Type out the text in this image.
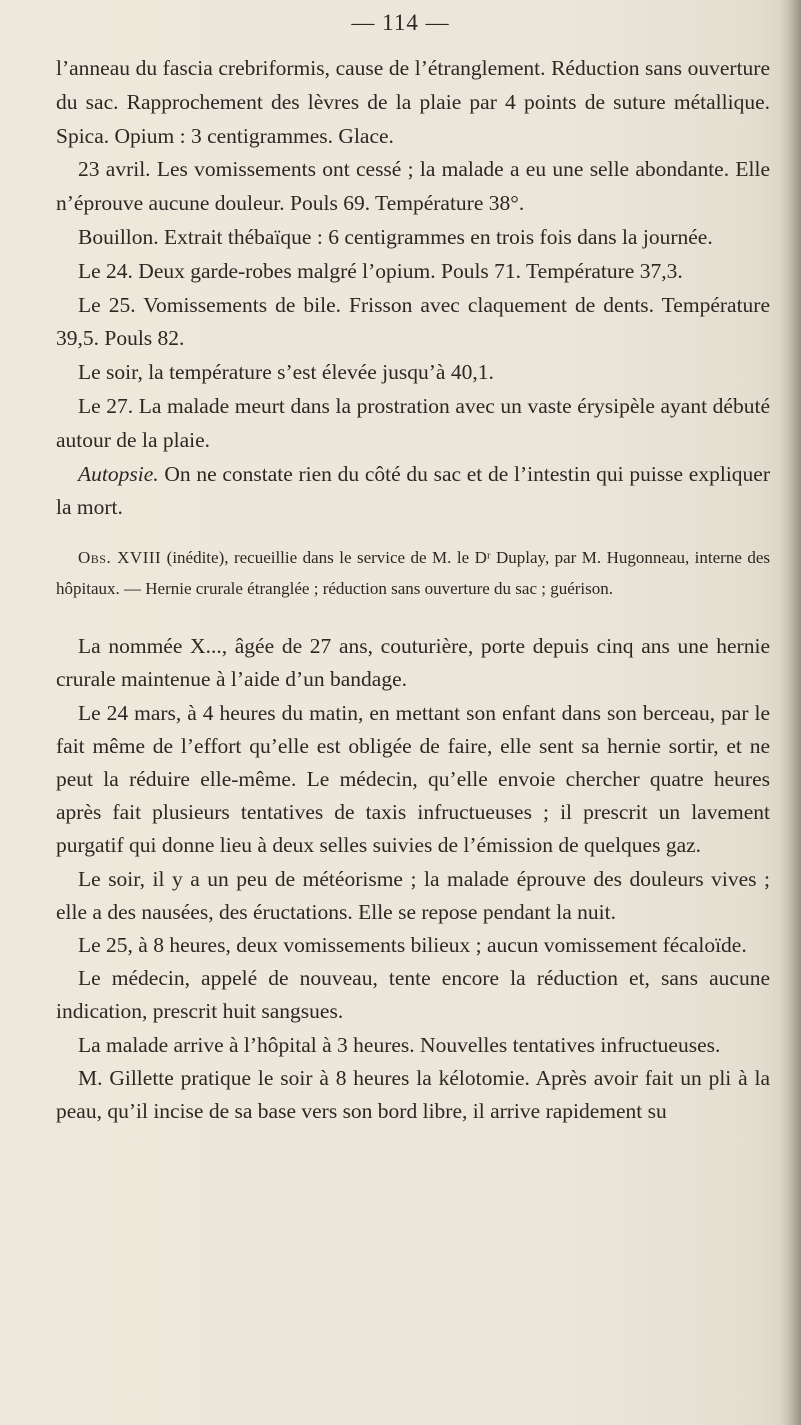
— 114 —

l’anneau du fascia crebriformis, cause de l’étranglement. Réduction sans ouverture du sac. Rapprochement des lèvres de la plaie par 4 points de suture métallique. Spica. Opium : 3 centigrammes. Glace.

23 avril. Les vomissements ont cessé ; la malade a eu une selle abondante. Elle n’éprouve aucune douleur. Pouls 69. Température 38°.

Bouillon. Extrait thébaïque : 6 centigrammes en trois fois dans la journée.

Le 24. Deux garde-robes malgré l’opium. Pouls 71. Température 37,3.

Le 25. Vomissements de bile. Frisson avec claquement de dents. Température 39,5. Pouls 82.

Le soir, la température s’est élevée jusqu’à 40,1.

Le 27. La malade meurt dans la prostration avec un vaste érysipèle ayant débuté autour de la plaie.

Autopsie. On ne constate rien du côté du sac et de l’intestin qui puisse expliquer la mort.

Obs. XVIII (inédite), recueillie dans le service de M. le Dʳ Duplay, par M. Hugonneau, interne des hôpitaux. — Hernie crurale étranglée ; réduction sans ouverture du sac ; guérison.

La nommée X..., âgée de 27 ans, couturière, porte depuis cinq ans une hernie crurale maintenue à l’aide d’un bandage.

Le 24 mars, à 4 heures du matin, en mettant son enfant dans son berceau, par le fait même de l’effort qu’elle est obligée de faire, elle sent sa hernie sortir, et ne peut la réduire elle-même. Le médecin, qu’elle envoie chercher quatre heures après fait plusieurs tentatives de taxis infructueuses ; il prescrit un lavement purgatif qui donne lieu à deux selles suivies de l’émission de quelques gaz.

Le soir, il y a un peu de météorisme ; la malade éprouve des douleurs vives ; elle a des nausées, des éructations. Elle se repose pendant la nuit.

Le 25, à 8 heures, deux vomissements bilieux ; aucun vomissement fécaloïde.

Le médecin, appelé de nouveau, tente encore la réduction et, sans aucune indication, prescrit huit sangsues.

La malade arrive à l’hôpital à 3 heures. Nouvelles tentatives infructueuses.

M. Gillette pratique le soir à 8 heures la kélotomie. Après avoir fait un pli à la peau, qu’il incise de sa base vers son bord libre, il arrive rapidement su
